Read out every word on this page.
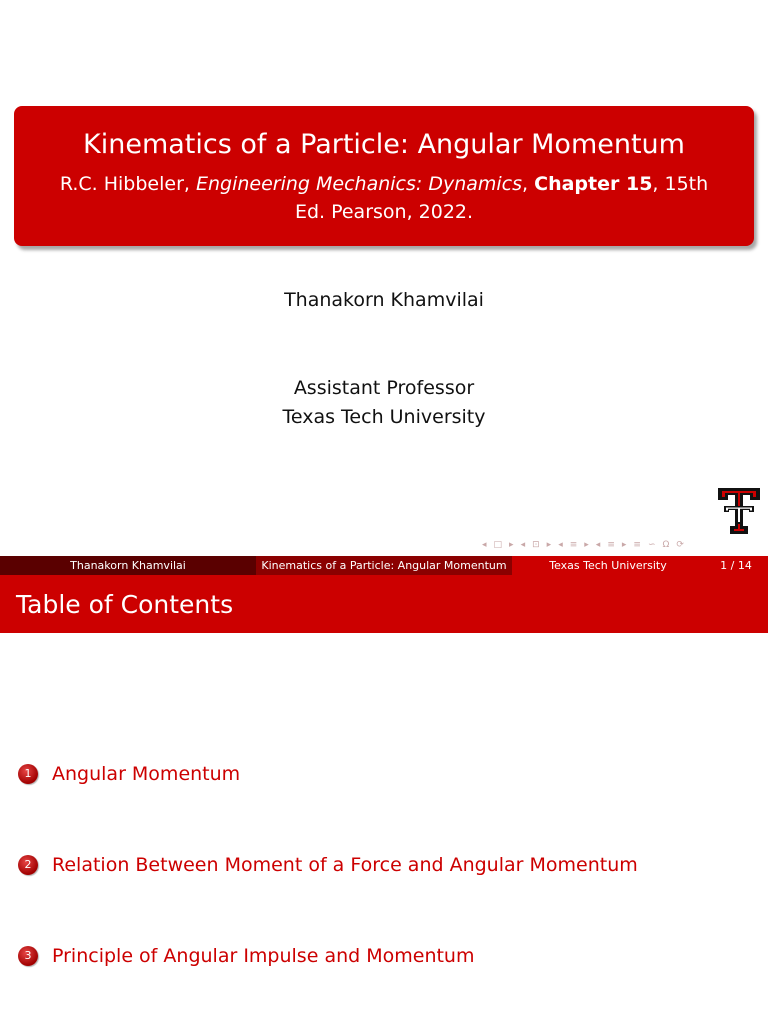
Kinematics of a Particle: Angular Momentum
R.C. Hibbeler, Engineering Mechanics: Dynamics, Chapter 15, 15th Ed. Pearson, 2022.
Thanakorn Khamvilai
Assistant Professor
Texas Tech University
◂ □ ▸ ◂ ⊡ ▸ ◂ ≡ ▸ ◂ ≡ ▸ ≡ ∽ Ω ⟳
Thanakorn Khamvilai	Kinematics of a Particle: Angular Momentum	Texas Tech University	1 / 14
Table of Contents
1	Angular Momentum
2	Relation Between Moment of a Force and Angular Momentum
3	Principle of Angular Impulse and Momentum
